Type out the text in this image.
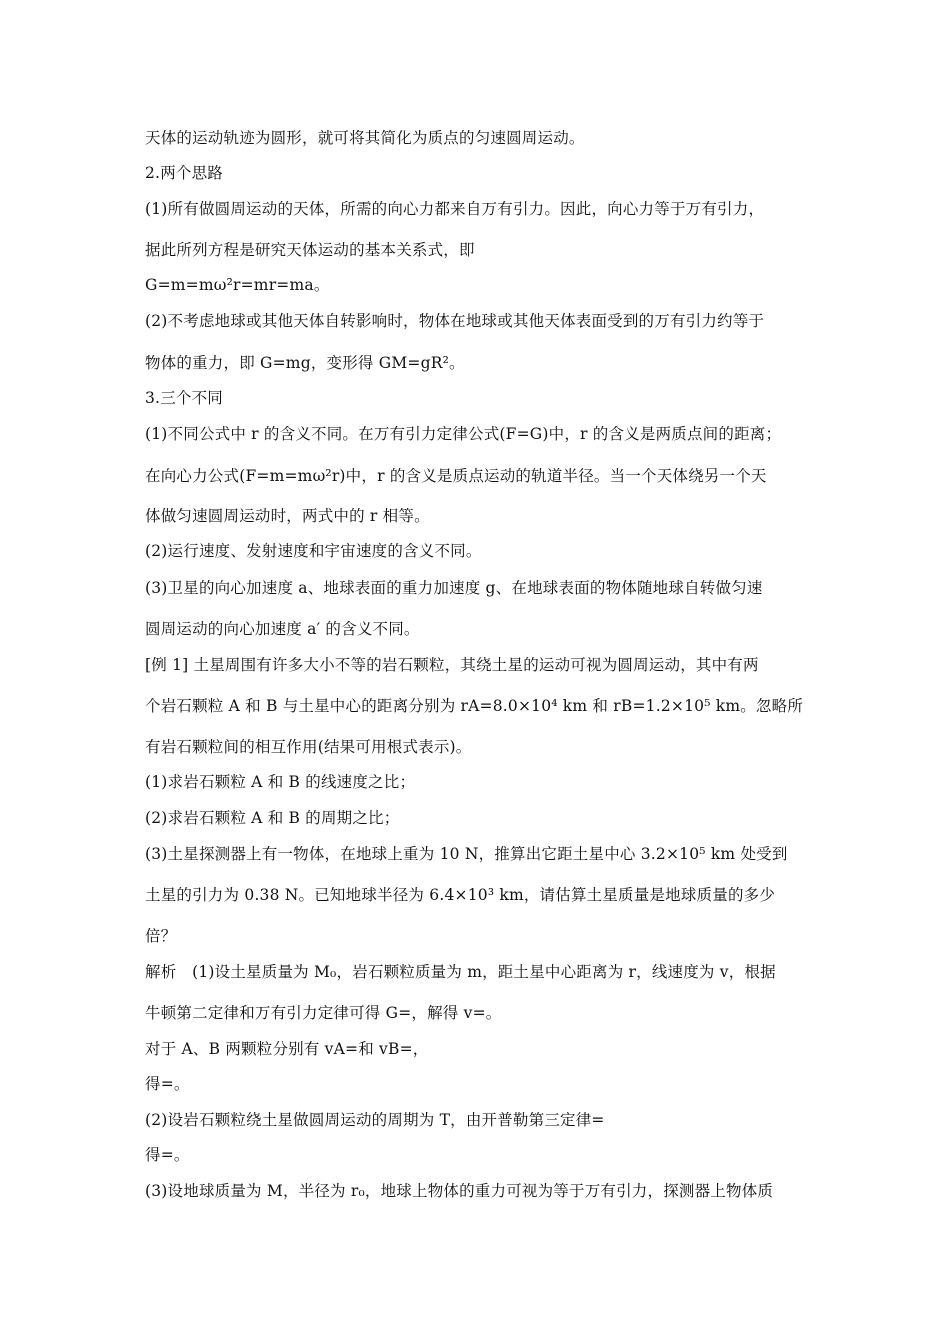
天体的运动轨迹为圆形，就可将其简化为质点的匀速圆周运动。
2.两个思路
(1)所有做圆周运动的天体，所需的向心力都来自万有引力。因此，向心力等于万有引力，
据此所列方程是研究天体运动的基本关系式，即
G=m=mω²r=mr=ma。
(2)不考虑地球或其他天体自转影响时，物体在地球或其他天体表面受到的万有引力约等于
物体的重力，即 G=mg，变形得 GM=gR²。
3.三个不同
(1)不同公式中 r 的含义不同。在万有引力定律公式(F=G)中，r 的含义是两质点间的距离；
在向心力公式(F=m=mω²r)中，r 的含义是质点运动的轨道半径。当一个天体绕另一个天
体做匀速圆周运动时，两式中的 r 相等。
(2)运行速度、发射速度和宇宙速度的含义不同。
(3)卫星的向心加速度 a、地球表面的重力加速度 g、在地球表面的物体随地球自转做匀速
圆周运动的向心加速度 a′ 的含义不同。
[例 1] 土星周围有许多大小不等的岩石颗粒，其绕土星的运动可视为圆周运动，其中有两
个岩石颗粒 A 和 B 与土星中心的距离分别为 rA=8.0×10⁴ km 和 rB=1.2×10⁵ km。忽略所
有岩石颗粒间的相互作用(结果可用根式表示)。
(1)求岩石颗粒 A 和 B 的线速度之比；
(2)求岩石颗粒 A 和 B 的周期之比；
(3)土星探测器上有一物体，在地球上重为 10 N，推算出它距土星中心 3.2×10⁵ km 处受到
土星的引力为 0.38 N。已知地球半径为 6.4×10³ km，请估算土星质量是地球质量的多少
倍？
解析　(1)设土星质量为 M₀，岩石颗粒质量为 m，距土星中心距离为 r，线速度为 v，根据
牛顿第二定律和万有引力定律可得 G=，解得 v=。
对于 A、B 两颗粒分别有 vA=和 vB=，
得=。
(2)设岩石颗粒绕土星做圆周运动的周期为 T，由开普勒第三定律=
得=。
(3)设地球质量为 M，半径为 r₀，地球上物体的重力可视为等于万有引力，探测器上物体质
